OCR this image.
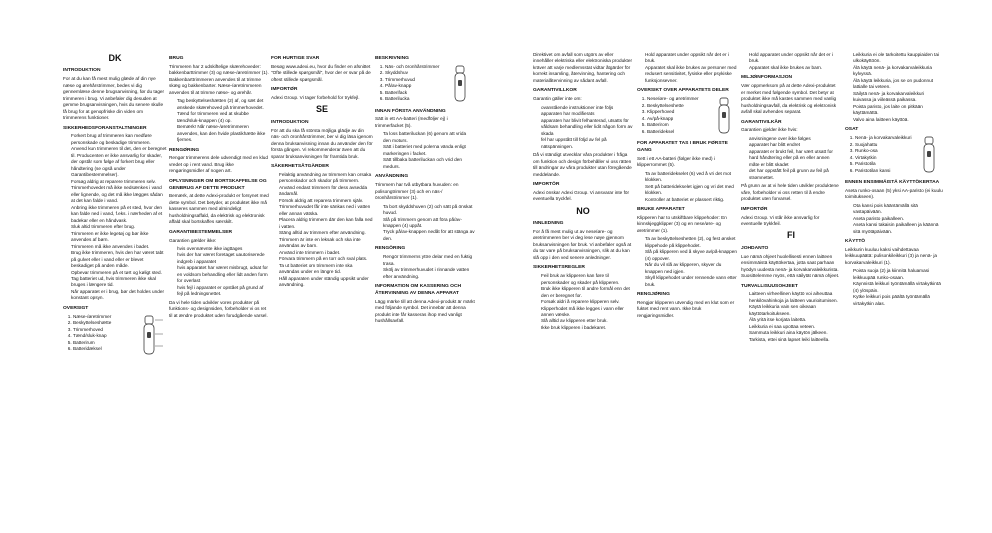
DK
INTRODUKTION

For at du kan få mest mulig glæde af din nye næse og ørehårstrimmer, bedes vi dig gennemlæse denne brugsanvisning, før du tager trimmeren i brug. Vi anbefaler dig desuden at gemme brugsanvisningen, hvis du senere skulle få brug for at genopfriske din viden om trimmerens funktioner.

SIKKERHEDSFORANSTALTNINGER
• Forkert brug af trimmeren kan medføre personskade og beskadige trimmeren.
• Anvend kun trimmeren til det, den er beregnet til. Producenten er ikke ansvarlig for skader, der opstår som følge af forkert brug eller håndtering (se også under Garantibestemmelser).
• Forsøg aldrig at reparere trimmeren selv.
• Trimmerhovedet må ikke nedsænkes i vand eller lignende, og det må ikke lægges sådan at det kan falde i vand.
• Anbring ikke trimmeren på et sted, hvor den kan falde ned i vand, f.eks. i nærheden af et badekar eller en håndvask.
• Sluk altid trimmeren efter brug.
• Trimmeren er ikke legetøj og bør ikke anvendes af børn.
• Trimmeren må ikke anvendes i badet.
• Brug ikke trimmeren, hvis den har været tabt på gulvet eller i vand eller er blevet beskadiget på anden måde.
• Opbevar trimmeren på et tørt og køligt sted.
• Tag batteriet ud, hvis trimmeren ikke skal bruges i længere tid.
• Når apparatet er i brug, bør det holdes under konstant opsyn.
OVERSIGT
1. Næse-/øretrimmer
2. Beskyttelseshætte
3. Trimmerhoved
4. Tænd/sluk-knap
5. Batterirum
6. Batteridæksel
BRUG

Trimmeren har 2 udskiftelige skærehoveder: bakkenbarttrimmer (3) og næse-/øretrimmer (1). Bakkenbarttrimmeren anvendes til at trimme skæg og bakkenbarter. Næse-/øretrimmeren anvendes til at trimme næse- og ørehår.

• Tag beskyttelseshætten (2) af, og sæt det ønskede skærehoved på trimmerhovedet.
• Tænd for trimmeren ved at skubbe tænd/sluk-knappen (4) op.
• Bemærk! Når næse-/øretrimmeren anvendes, kan den hvide plastikhætte ikke fjernes.
RENGØRING

Rengør trimmerens dele udvendigt med en klud vredet op i rent vand. Brug ikke rengøringsmidler af nogen art.

OPLYSNINGER OM BORTSKAFFELSE OG GENBRUG AF DETTE PRODUKT

Bemærk, at dette Adexi-produkt er forsynet med dette symbol. Det betyder, at produktet ikke må kasseres sammen med almindeligt husholdningsaffald, da elektrisk og elektronisk affald skal bortskaffes særskilt.

GARANTIBESTEMMELSER

Garantien gælder ikke:

• hvis ovennævnte ikke iagttages
• hvis der har været foretaget uautoriserede indgreb i apparatet
• hvis apparatet har været misbrugt, udsat for en voldsom behandling eller lidt anden form for overlast
• hvis fejl i apparatet er opstået på grund af fejl på ledningsnettet.

Da vi hele tiden udvikler vores produkter på funktions- og designsiden, forbeholder vi os ret til at ændre produktet uden forudgående varsel.

FOR HURTIGE SVAR

Besøg www.adexi.eu, hvor du finder en afsnittet "Ofte stillede spørgsmål", hvor der er svar på de oftest stillede spørgsmål.

IMPORTØR

Adexi Group. Vi tager forbehold for trykfejl.

SE
INTRODUKTION

För att du ska få största möjliga glädje av din näs- och öronhårstrimmer, ber vi dig läsa igenom denna bruksanvisning innan du använder den för första gången. Vi rekommenderar även att du sparar bruksanvisningen för framtida bruk.

SÄKERHETSÅTGÄRDER
• Felaktig användning av trimmern kan orsaka personskador och skador på trimmern.
• Använd endast trimmern för dess avsedda ändamål.
• Försök aldrig att reparera trimmern själv.
• Trimmerhuvudet får inte sänkas ned i vatten eller annan vätska.
• Placera aldrig trimmern där den kan falla ned i vatten.
• Stäng alltid av trimmern efter användning.
• Trimmern är inte en leksak och ska inte användas av barn.
• Använd inte trimmern i badet.
• Förvara trimmern på en torr och sval plats.
• Ta ut batteriet om trimmern inte ska användas under en längre tid.
• Håll apparaten under ständig uppsikt under användning.
BESKRIVNING
1. Näs- och öronhårstrimmer
2. Skyddshuv
3. Trimmerhuvud
4. På/av-knapp
5. Batterifack
6. Batterilucka
INNAN FÖRSTA ANVÄNDNING

Sätt in ett AA-batteri (medföljer ej) i trimmerfacket (5).

• Ta loss batteriluckan (6) genom att vrida den moturs.
• Sätt i batteriet med polerna vända enligt markeringen i facket.
• Sätt tillbaka batteriluckan och vrid den medurs.
ANVÄNDNING

Trimmern har två utbytbara huvuden: en polisongtrimmer (3) och en näs-/öronhårstrimmer (1).

• Ta bort skyddshuven (2) och sätt på önskat huvud.
• Slå på trimmern genom att föra på/av-knappen (4) uppåt.
• Tryck på/av-knappen nedåt för att stänga av den.
RENGÖRING
• Rengör trimmerns yttre delar med en fuktig trasa.
• Skölj av trimmerhuvudet i rinnande vatten efter användning.
INFORMATION OM KASSERING OCH ÅTERVINNING AV DENNA APPARAT

Lägg märke till att denna Adexi-produkt är märkt med följande symbol. Det innebär att denna produkt inte får kasseras ihop med vanligt hushållsavfall.

Direktivet om avfall som utgörs av eller innehåller elektriska eller elektroniska produkter kräver att varje medlemsstat vidtar åtgärder för korrekt insamling, återvinning, hantering och materialåtervinning av sådant avfall.

GARANTIVILLKOR

Garantin gäller inte om:

• ovanstående instruktioner inte följs
• apparaten har modifierats
• apparaten har blivit felhanterad, utsatts för våldsam behandling eller lidit någon form av skada
• fel har uppstått till följd av fel på nätspänningen.

Då vi ständigt utvecklar våra produkter i fråga om funktion och design förbehåller vi oss rätten till ändringar av våra produkter utan föregående meddelande.

IMPORTÖR

Adexi önskar Adexi Group. Vi ansvarar inte för eventuella tryckfel.

NO
INNLEDNING

For å få mest mulig ut av nese/øre- og øretrimmeren ber vi deg lese nøye gjennom bruksanvisningen før bruk. Vi anbefaler også at du tar vare på bruksanvisningen, slik at du kan slå opp i den ved senere anledninger.

SIKKERHETSREGLER
• Feil bruk av klipperen kan føre til personskader og skader på klipperen.
• Bruk ikke klipperen til andre formål enn det den er beregnet for.
• Forsøk aldri å reparere klipperen selv.
• Klipperhodet må ikke legges i vann eller annen væske.
• Slå alltid av klipperen etter bruk.
• Ikke bruk klipperen i badekaret.
• Hold apparatet under oppsikt når det er i bruk.
• Apparatet skal ikke brukes av personer med redusert sensitivitet, fysiske eller psykiske funksjonsevner.
OVERSIKT OVER APPARATETS DELER
1. Nese/øre- og øretrimmer
2. Beskyttelseshette
3. Klipperhoved
4. Av/på-knapp
5. Batterirom
6. Batterideksel
FOR APPARATET TAS I BRUK FØRSTE GANG

Sett i ett AA-batteri (følger ikke med) i klipperrommet (5).

• Ta av batteridekselet (6) ved å vri det mot klokken.
• Sett på batteridekselet igjen og vri det med klokken.
• Kontroller at batteriet er plassert riktig.
BRUKE APPARATET

Klipperen har to utskiftbare klippehoder: En kinnskjeggklipper (3) og en nese/øre- og øretrimmer (1).

• Ta av beskyttelseshetten (2), og fest ønsket klippehode på klippehodet.
• Slå på klipperen ved å skyve av/på-knappen (4) oppover.
• Når du vil slå av klipperen, skyver du knappen ned igjen.
• Skyll klippehodet under rennende vann etter bruk.
RENGJØRING

Rengjør klipperen utvendig med en klut som er fuktet med rent vann. Ikke bruk rengjøringsmidler.

• Hold apparatet under oppsikt når det er i bruk.
• Apparatet skal ikke brukes av barn.
MILJØINFORMASJON

Vær oppmerksom på at dette Adexi-produktet er merket med følgende symbol. Det betyr at produktet ikke må kastes sammen med vanlig husholdningsavfall, da elektrisk og elektronisk avfall skal avhendes separat.

GARANTIVILKÅR

Garantien gjelder ikke hvis:

• anvisningene over ikke følges
• apparatet har blitt endret
• apparatet er brukt feil, har vært utsatt for hard håndtering eller på en eller annen måte er blitt skadet
• det har oppstått feil på grunn av feil på strømnettet.

På grunn av at vi hele tiden utvikler produktene våre, forbeholder vi oss retten til å endre produktet uten forvarsel.

IMPORTØR

Adexi Group. Vi står ikke ansvarlig for eventuelle trykkfeil.

FI
JOHDANTO

Lue nämä ohjeet huolellisesti ennen laitteen ensimmäistä käyttökertaa, jotta saat parhaan hyödyn uudesta nenä- ja korvakarvaleikkurista. Suosittelemme myös, että säilytät nämä ohjeet.

TURVALLISUUSOHJEET
• Laitteen virheellinen käyttö voi aiheuttaa henkilövahinkoja ja laitteen vaurioitumisen.
• Käytä leikkuria vain sen oikeaan käyttötarkoitukseen.
• Älä yritä itse korjata laitetta.
• Leikkuria ei saa upottaa veteen.
• Sammuta leikkuri aina käytön jälkeen.
• Tarkista, ettei sinä lapset leiki laitteella.
• Leikkuria ei ole tarkoitettu kauppiaiden tai ulkokäyttöön.
• Älä käytä nenä- ja korvakarvaleikkuria kylvyssä.
• Älä käytä leikkuria, jos se on pudonnut lattialle tai veteen.
• Säilytä nenä- ja korvakarvaleikkuri kuivassa ja viileässä paikassa.
• Poista paristo, jos laite on pitkään käyttämättä.
• Valvo aina laitteen käyttöä.
OSAT
1. Nenä- ja korvakarvaleikkuri
2. Suojahattu
3. Runko-osa
4. Virtakytkin
5. Paristotila
6. Paristotilan kansi
ENNEN ENSIMMÄISTÄ KÄYTTÖKERTAA

Aseta runko-osaan (5) yksi AA-paristo (ei kuulu toimitukseen).

• Ota kansi pois kääntämällä sitä vastapäivään.
• Aseta paristo paikalleen.
• Aseta kansi takaisin paikalleen ja käännä sitä myötäpäivään.
KÄYTTÖ

Leikkurin kuuluu kaksi vaihdettavaa leikkuupäätä: pulisonkileikkuri (3) ja nenä- ja korvakarvaleikkuri (1).

• Poista suoja (2) ja kiinnitä haluamasi leikkuupää runko-osaan.
• Käynnistä leikkuri työntämällä virtakytkintä (4) ylöspäin.
• Kytke leikkuri pois päältä työntämällä virtakytkin alas.
